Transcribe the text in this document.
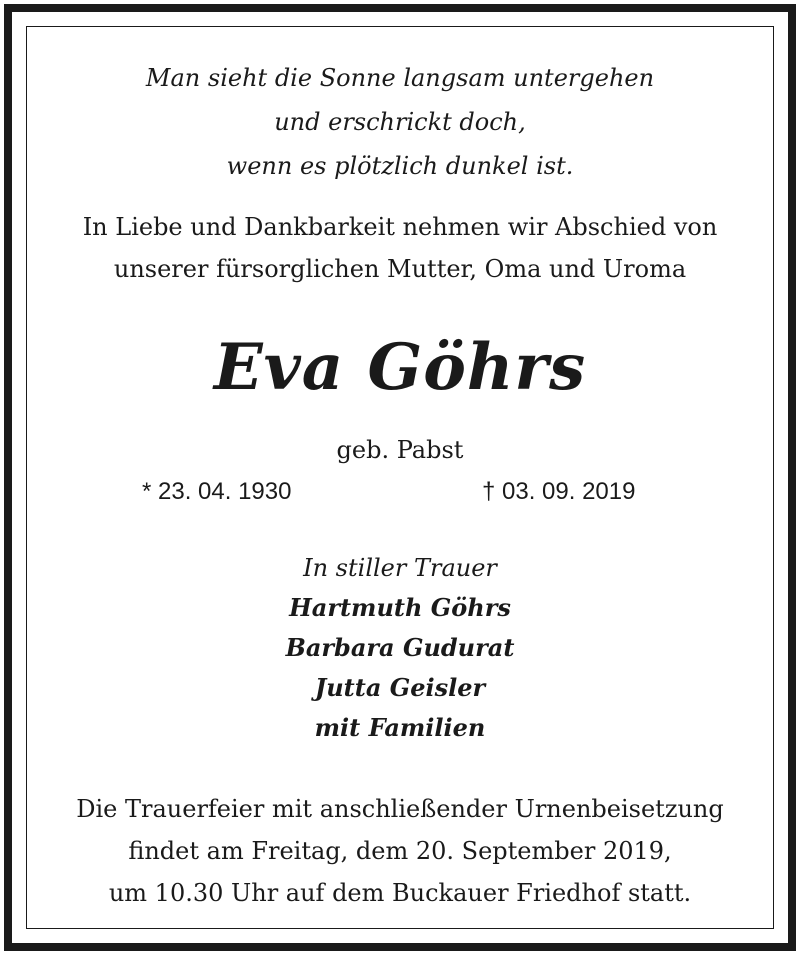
Man sieht die Sonne langsam untergehen
und erschrickt doch,
wenn es plötzlich dunkel ist.
In Liebe und Dankbarkeit nehmen wir Abschied von
unserer fürsorglichen Mutter, Oma und Uroma
Eva Göhrs
geb. Pabst
* 23. 04. 1930	† 03. 09. 2019
In stiller Trauer
Hartmuth Göhrs
Barbara Gudurat
Jutta Geisler
mit Familien
Die Trauerfeier mit anschließender Urnenbeisetzung
findet am Freitag, dem 20. September 2019,
um 10.30 Uhr auf dem Buckauer Friedhof statt.
